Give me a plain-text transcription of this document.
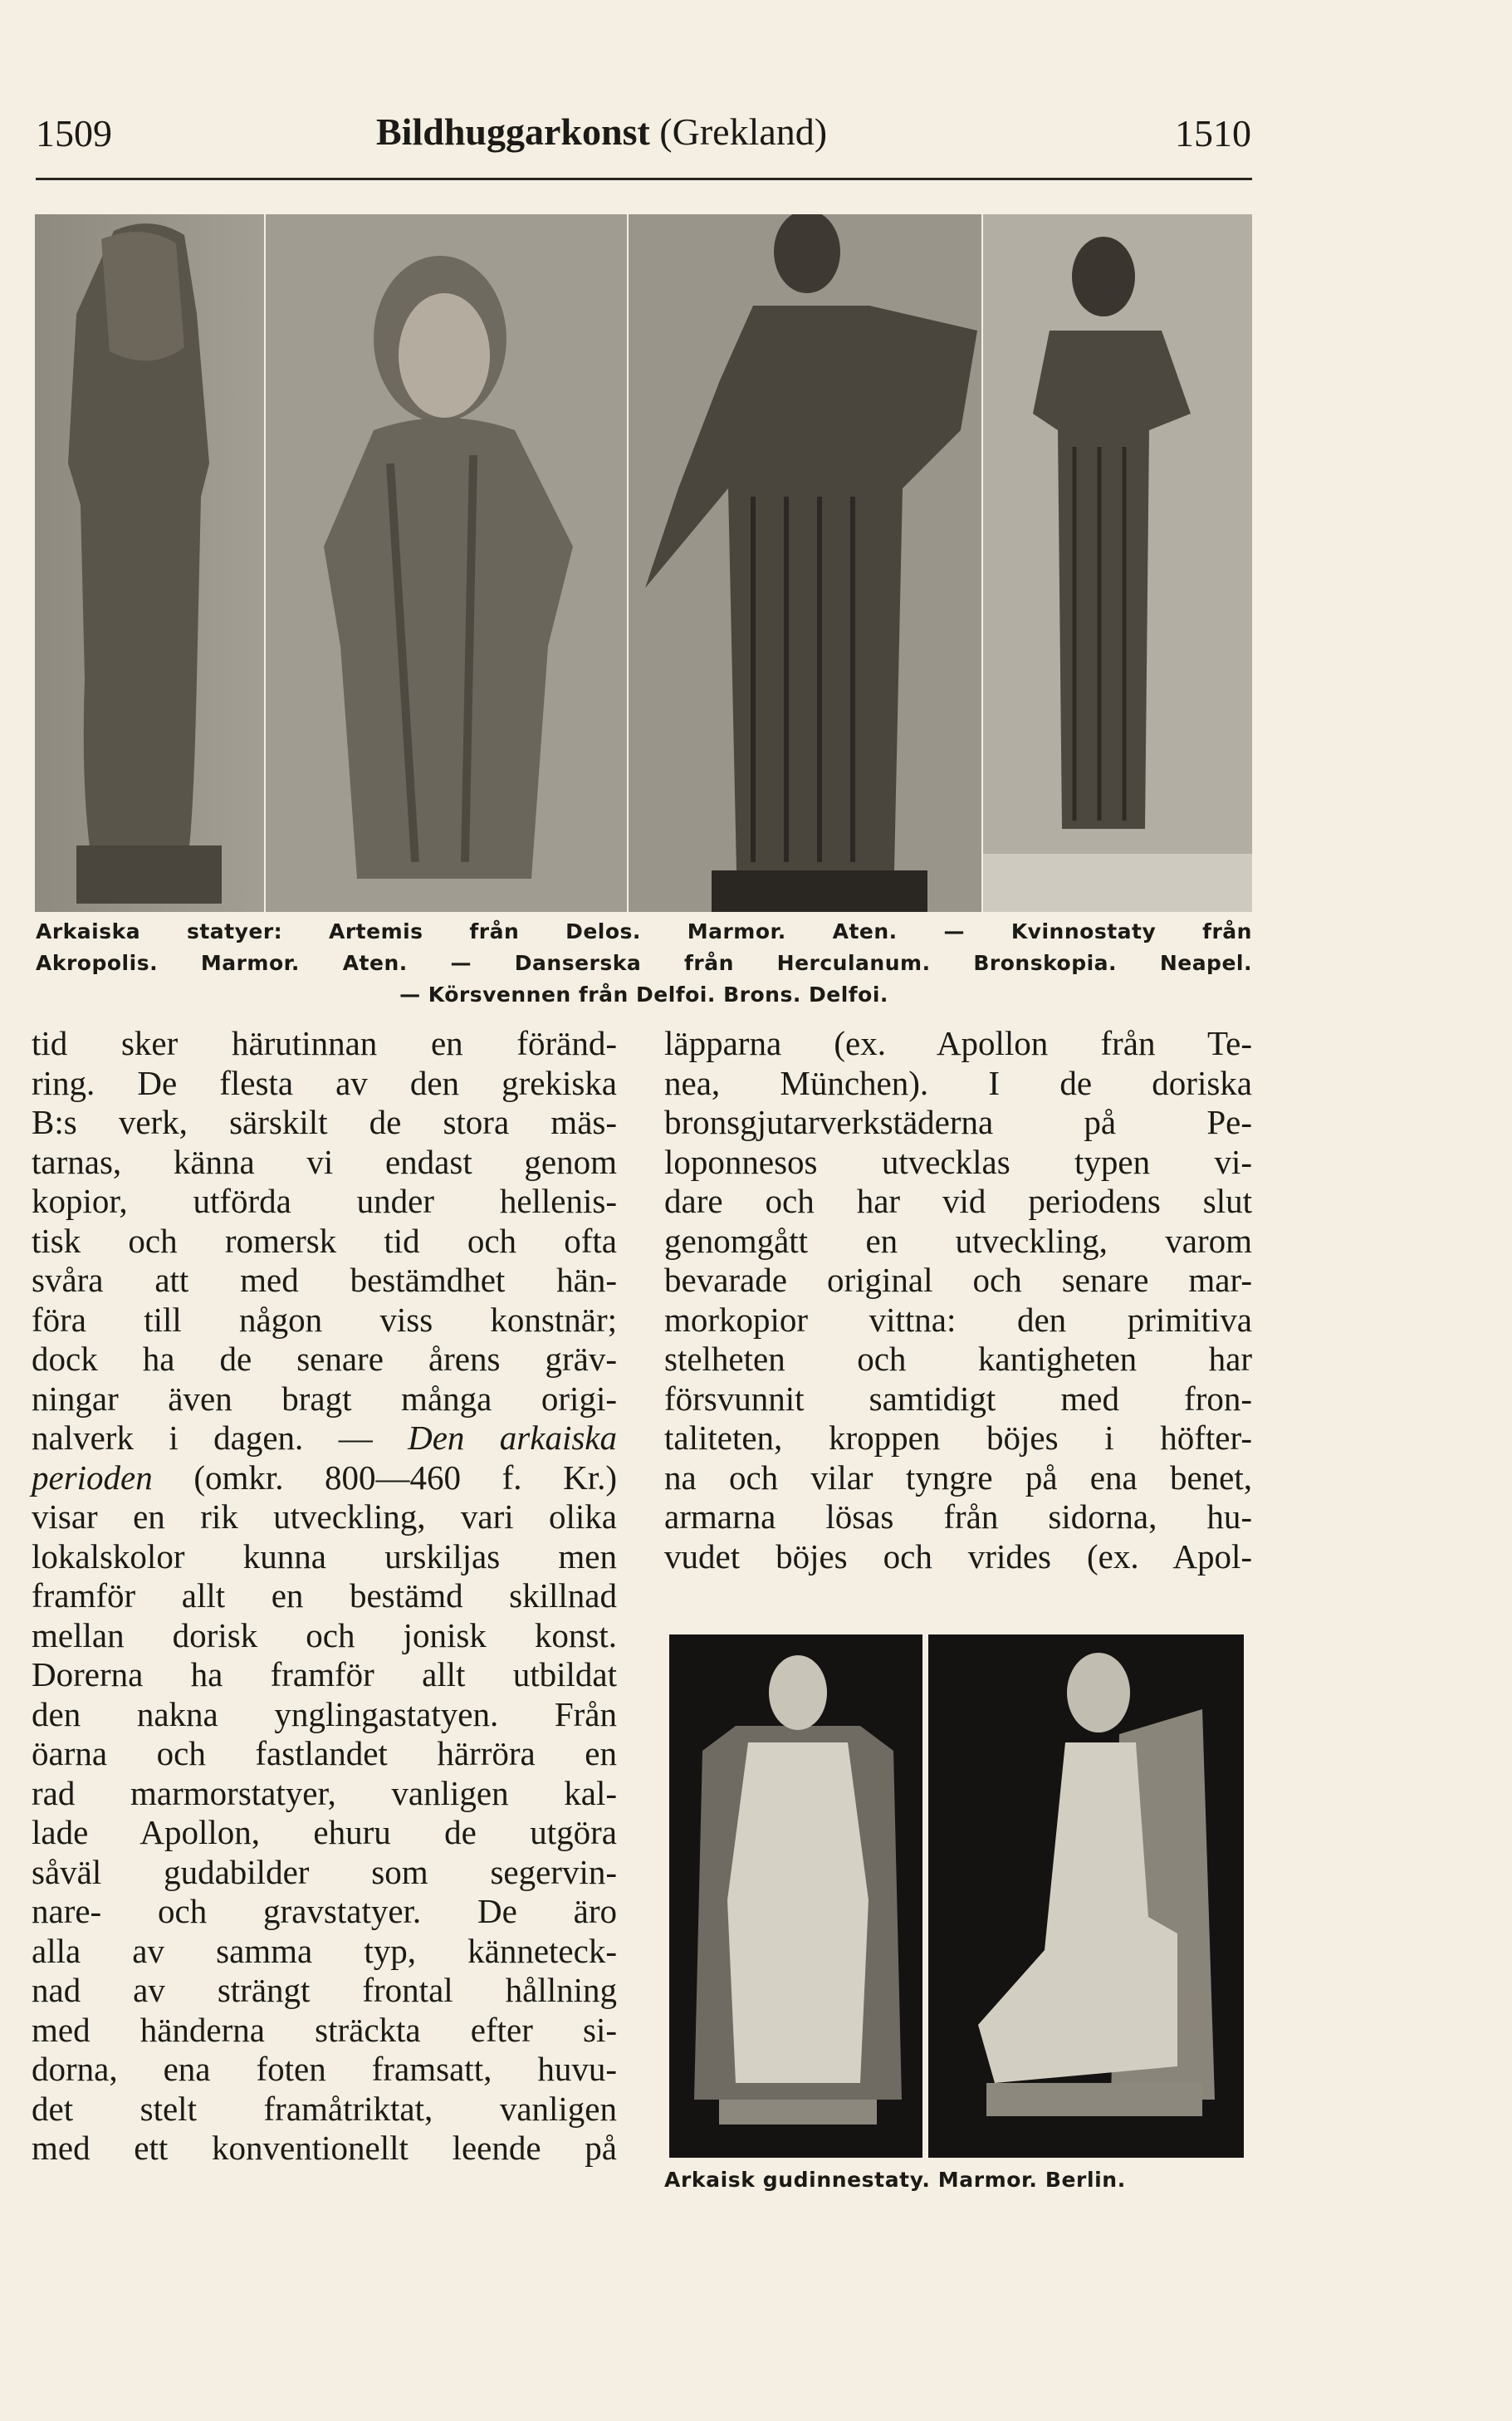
1509	Bildhuggarkonst (Grekland)	1510
Arkaiska statyer: Artemis från Delos. Marmor. Aten. — Kvinnostaty från
Akropolis. Marmor. Aten. — Danserska från Herculanum. Bronskopia. Neapel.
— Körsvennen från Delfoi. Brons. Delfoi.
tid sker härutinnan en föränd-
ring. De flesta av den grekiska
B:s verk, särskilt de stora mäs-
tarnas, känna vi endast genom
kopior, utförda under hellenis-
tisk och romersk tid och ofta
svåra att med bestämdhet hän-
föra till någon viss konstnär;
dock ha de senare årens gräv-
ningar även bragt många origi-
nalverk i dagen. — Den arkaiska
perioden (omkr. 800—460 f. Kr.)
visar en rik utveckling, vari olika
lokalskolor kunna urskiljas men
framför allt en bestämd skillnad
mellan dorisk och jonisk konst.
Dorerna ha framför allt utbildat
den nakna ynglingastatyen. Från
öarna och fastlandet härröra en
rad marmorstatyer, vanligen kal-
lade Apollon, ehuru de utgöra
såväl gudabilder som segervin-
nare- och gravstatyer. De äro
alla av samma typ, känneteck-
nad av strängt frontal hållning
med händerna sträckta efter si-
dorna, ena foten framsatt, huvu-
det stelt framåtriktat, vanligen
med ett konventionellt leende på
läpparna (ex. Apollon från Te-
nea, München). I de doriska
bronsgjutarverkstäderna på Pe-
loponnesos utvecklas typen vi-
dare och har vid periodens slut
genomgått en utveckling, varom
bevarade original och senare mar-
morkopior vittna: den primitiva
stelheten och kantigheten har
försvunnit samtidigt med fron-
taliteten, kroppen böjes i höfter-
na och vilar tyngre på ena benet,
armarna lösas från sidorna, hu-
vudet böjes och vrides (ex. Apol-
Arkaisk gudinnestaty. Marmor. Berlin.
